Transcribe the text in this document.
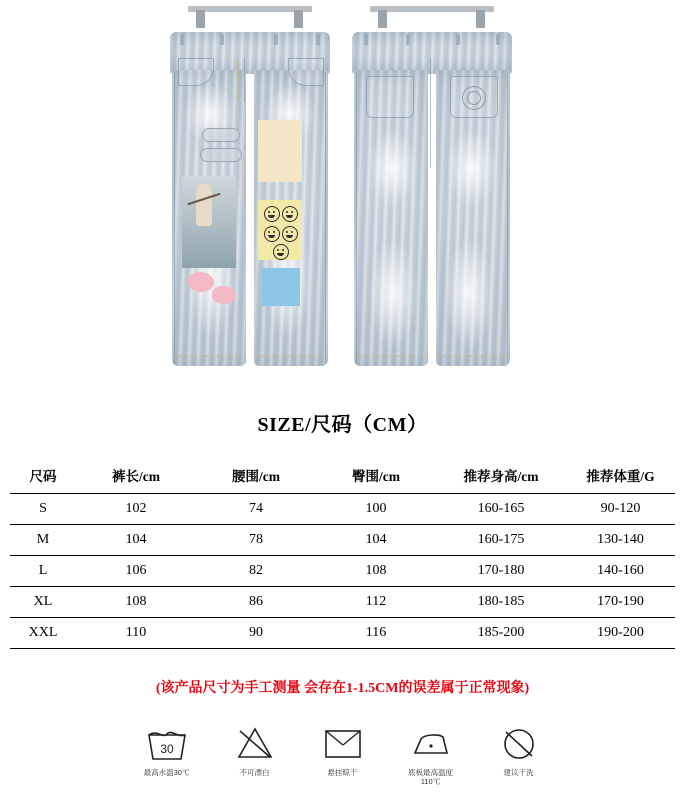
SIZE/尺码（CM）
尺码	裤长/cm	腰围/cm	臀围/cm	推荐身高/cm	推荐体重/G
S	102	74	100	160-165	90-120
M	104	78	104	160-175	130-140
L	106	82	108	170-180	140-160
XL	108	86	112	180-185	170-190
XXL	110	90	116	185-200	190-200
(该产品尺寸为手工测量 会存在1-1.5CM的误差属于正常现象)
30
最高水温30℃	不可漂白	悬挂晾干	底板最高温度110℃
建议干洗
